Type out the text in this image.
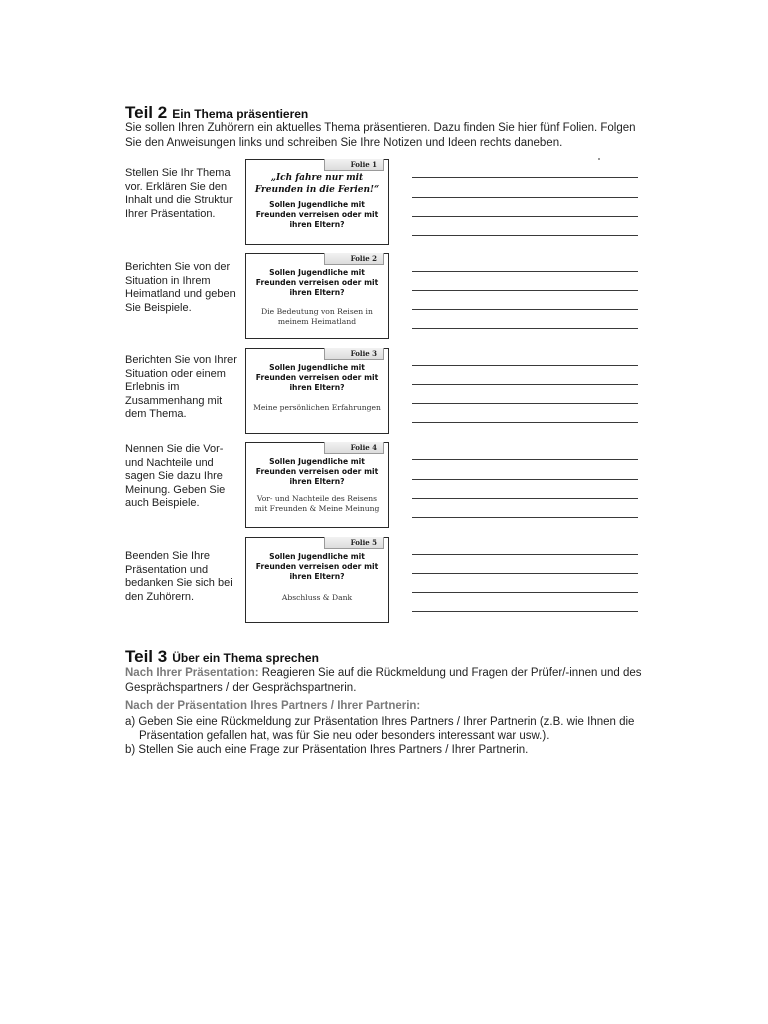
Teil 2 Ein Thema präsentieren
Sie sollen Ihren Zuhörern ein aktuelles Thema präsentieren. Dazu finden Sie hier fünf Folien. Folgen Sie den Anweisungen links und schreiben Sie Ihre Notizen und Ideen rechts daneben.
Stellen Sie Ihr Thema vor. Erklären Sie den Inhalt und die Struktur Ihrer Präsentation.
Folie 1
„Ich fahre nur mit Freunden in die Ferien!“
Sollen Jugendliche mit Freunden verreisen oder mit ihren Eltern?
Berichten Sie von der Situation in Ihrem Heimatland und geben Sie Beispiele.
Folie 2
Sollen Jugendliche mit Freunden verreisen oder mit ihren Eltern?
Die Bedeutung von Reisen in meinem Heimatland
Berichten Sie von Ihrer Situation oder einem Erlebnis im Zusammenhang mit dem Thema.
Folie 3
Sollen Jugendliche mit Freunden verreisen oder mit ihren Eltern?
Meine persönlichen Erfahrungen
Nennen Sie die Vor- und Nachteile und sagen Sie dazu Ihre Meinung. Geben Sie auch Beispiele.
Folie 4
Sollen Jugendliche mit Freunden verreisen oder mit ihren Eltern?
Vor- und Nachteile des Reisens mit Freunden & Meine Meinung
Beenden Sie Ihre Präsentation und bedanken Sie sich bei den Zuhörern.
Folie 5
Sollen Jugendliche mit Freunden verreisen oder mit ihren Eltern?
Abschluss & Dank
Teil 3 Über ein Thema sprechen
Nach Ihrer Präsentation: Reagieren Sie auf die Rückmeldung und Fragen der Prüfer/-innen und des Gesprächspartners / der Gesprächspartnerin.
Nach der Präsentation Ihres Partners / Ihrer Partnerin:
a) Geben Sie eine Rückmeldung zur Präsentation Ihres Partners / Ihrer Partnerin (z.B. wie Ihnen die
Präsentation gefallen hat, was für Sie neu oder besonders interessant war usw.).
b) Stellen Sie auch eine Frage zur Präsentation Ihres Partners / Ihrer Partnerin.
